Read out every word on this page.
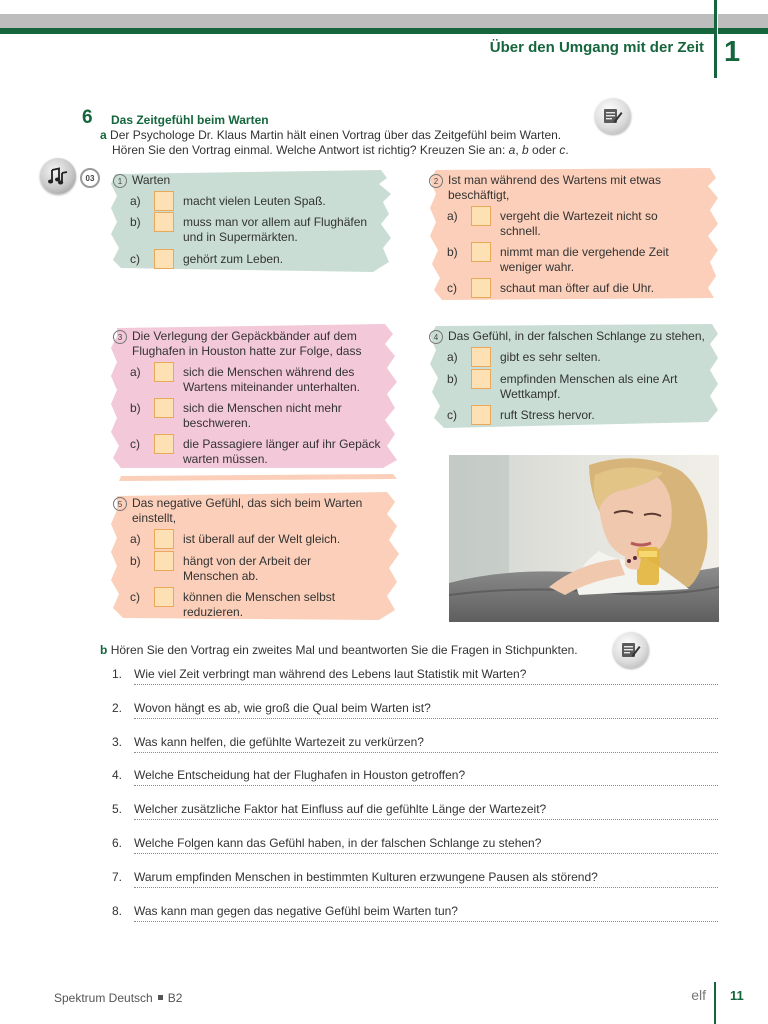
Über den Umgang mit der Zeit 1
6 Das Zeitgefühl beim Warten
a Der Psychologe Dr. Klaus Martin hält einen Vortrag über das Zeitgefühl beim Warten.
Hören Sie den Vortrag einmal. Welche Antwort ist richtig? Kreuzen Sie an: a, b oder c.
03	1 Warten
a)	macht vielen Leuten Spaß.
b)	muss man vor allem auf Flughäfen
und in Supermärkten.
c)	gehört zum Leben.
2 Ist man während des Wartens mit etwas
beschäftigt,
a)	vergeht die Wartezeit nicht so
schnell.
b)	nimmt man die vergehende Zeit
weniger wahr.
c)	schaut man öfter auf die Uhr.
3 Die Verlegung der Gepäckbänder auf dem
Flughafen in Houston hatte zur Folge, dass
a)	sich die Menschen während des
Wartens miteinander unterhalten.
b)	sich die Menschen nicht mehr
beschweren.
c)	die Passagiere länger auf ihr Gepäck
warten müssen.
4 Das Gefühl, in der falschen Schlange zu stehen,
a)	gibt es sehr selten.
b)	empfinden Menschen als eine Art
Wettkampf.
c)	ruft Stress hervor.
5 Das negative Gefühl, das sich beim Warten
einstellt,
a)	ist überall auf der Welt gleich.
b)	hängt von der Arbeit der
Menschen ab.
c)	können die Menschen selbst
reduzieren.
b Hören Sie den Vortrag ein zweites Mal und beantworten Sie die Fragen in Stichpunkten.
1. Wie viel Zeit verbringt man während des Lebens laut Statistik mit Warten?
2. Wovon hängt es ab, wie groß die Qual beim Warten ist?
3. Was kann helfen, die gefühlte Wartezeit zu verkürzen?
4. Welche Entscheidung hat der Flughafen in Houston getroffen?
5. Welcher zusätzliche Faktor hat Einfluss auf die gefühlte Länge der Wartezeit?
6. Welche Folgen kann das Gefühl haben, in der falschen Schlange zu stehen?
7. Warum empfinden Menschen in bestimmten Kulturen erzwungene Pausen als störend?
8. Was kann man gegen das negative Gefühl beim Warten tun?
Spektrum Deutsch B2	elf 11
